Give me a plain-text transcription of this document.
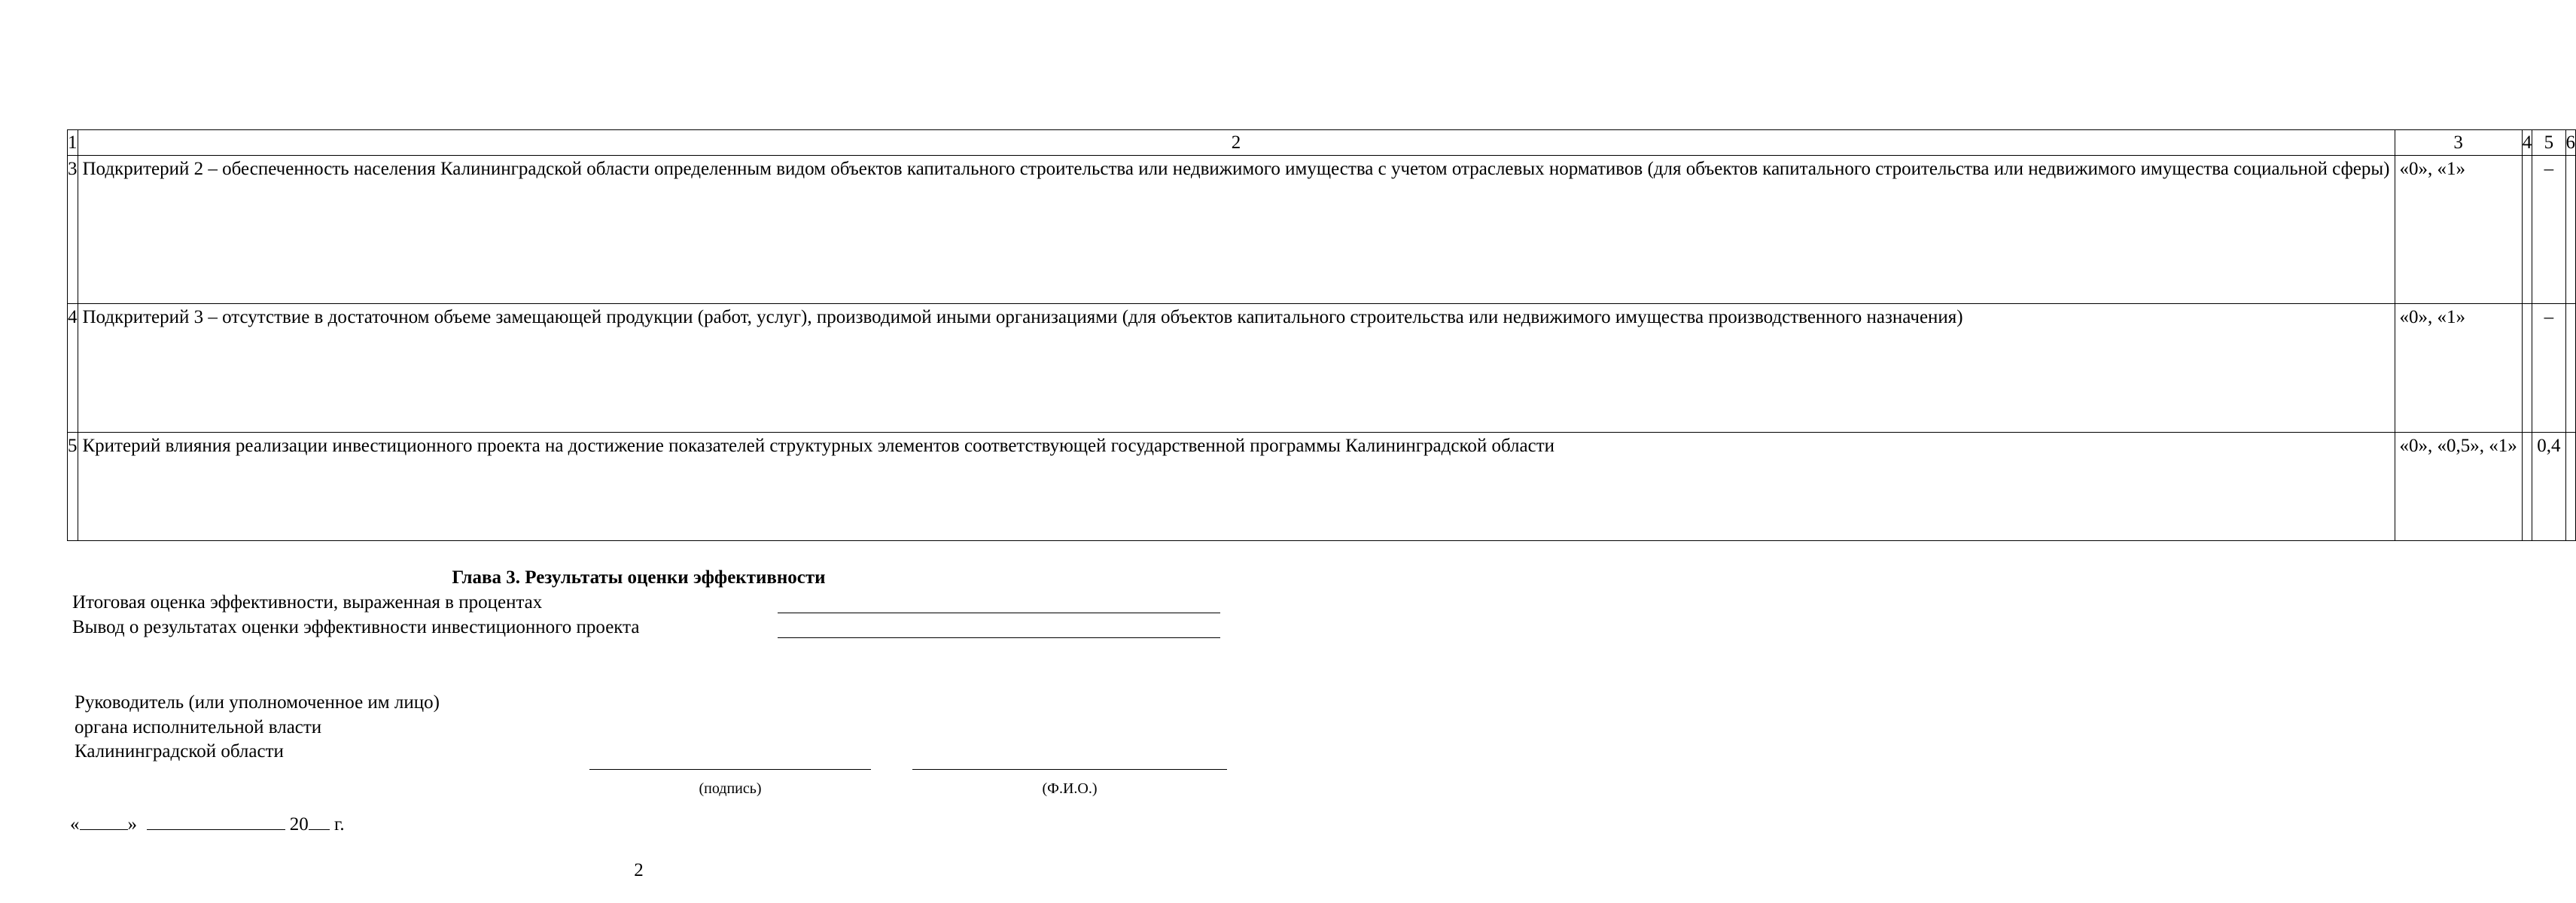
1	2	3	4	5	6
3	Подкритерий 2 – обеспеченность населения Калининградской области определенным видом объектов капитального строительства или недвижимого имущества с учетом отраслевых нормативов (для объектов капитального строительства или недвижимого имущества социальной сферы)	«0», «1»		–	
4	Подкритерий 3 – отсутствие в достаточном объеме замещающей продукции (работ, услуг), производимой иными организациями (для объектов капитального строительства или недвижимого имущества производственного назначения)	«0», «1»		–	
5	Критерий влияния реализации инвестиционного проекта на достижение показателей структурных элементов соответствующей государственной программы Калининградской области	«0», «0,5», «1»		0,4	
Глава 3. Результаты оценки эффективности
Итоговая оценка эффективности, выраженная в процентах
Вывод о результатах оценки эффективности инвестиционного проекта
Руководитель (или уполномоченное им лицо)
органа исполнительной власти
Калининградской области
(подпись)	(Ф.И.О.)
«	»	20 г.
2
